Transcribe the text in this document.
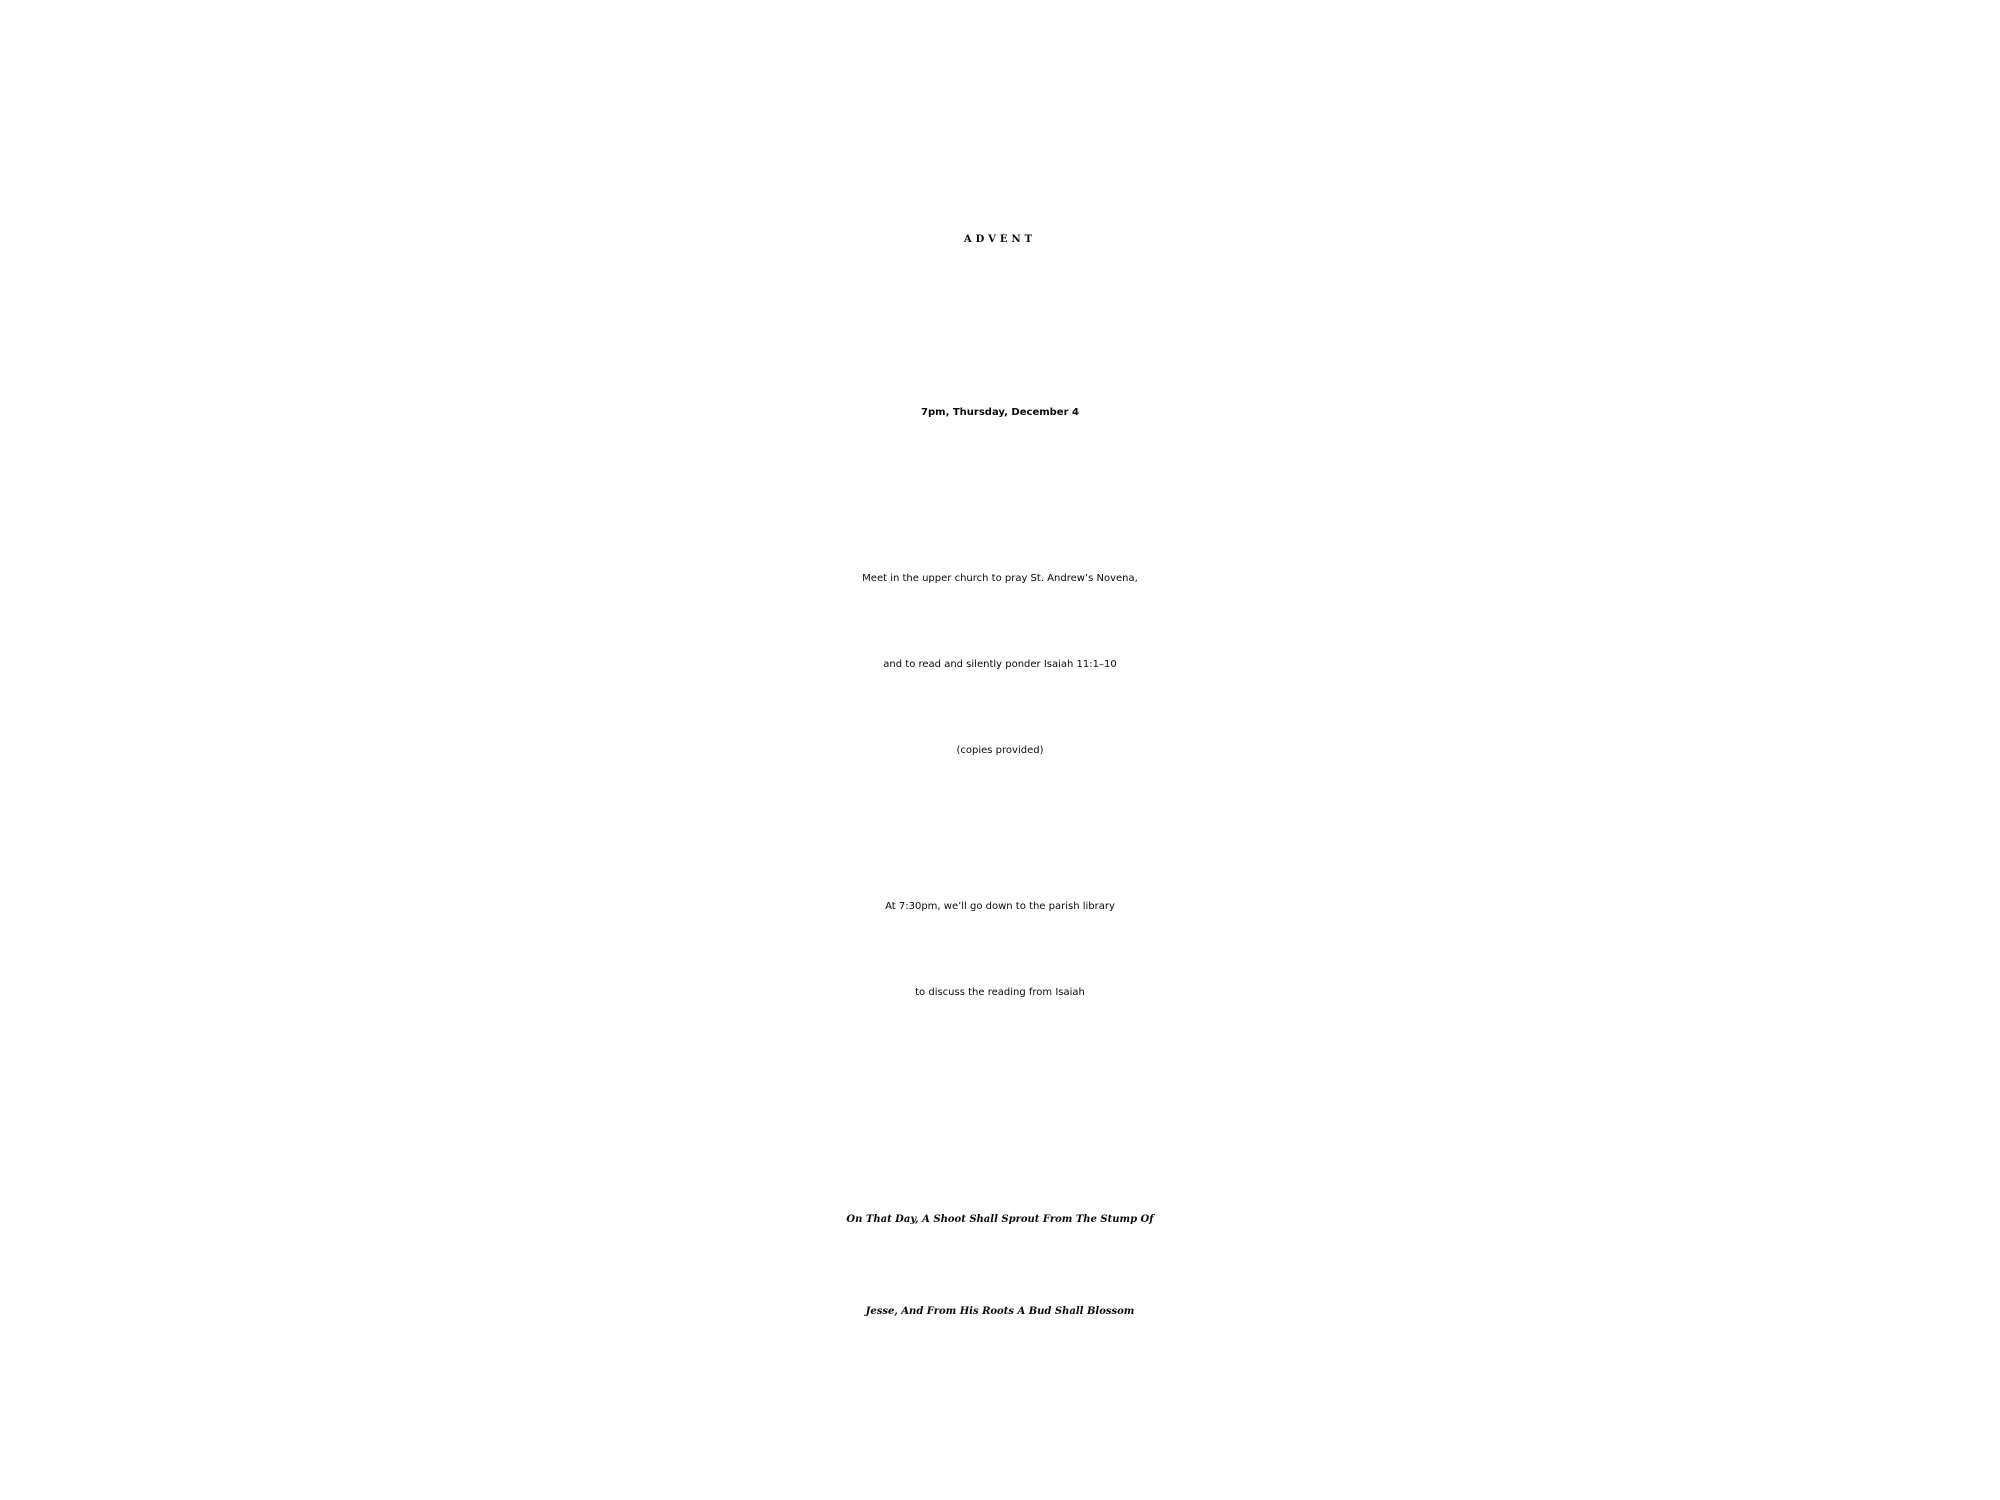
ADVENT
7pm, Thursday, December 4

Meet in the upper church to pray St. Andrew’s Novena,

and to read and silently ponder Isaiah 11:1–10

(copies provided)

At 7:30pm, we’ll go down to the parish library

to discuss the reading from Isaiah

On That Day, A Shoot Shall Sprout From The Stump Of

Jesse, And From His Roots A Bud Shall Blossom
